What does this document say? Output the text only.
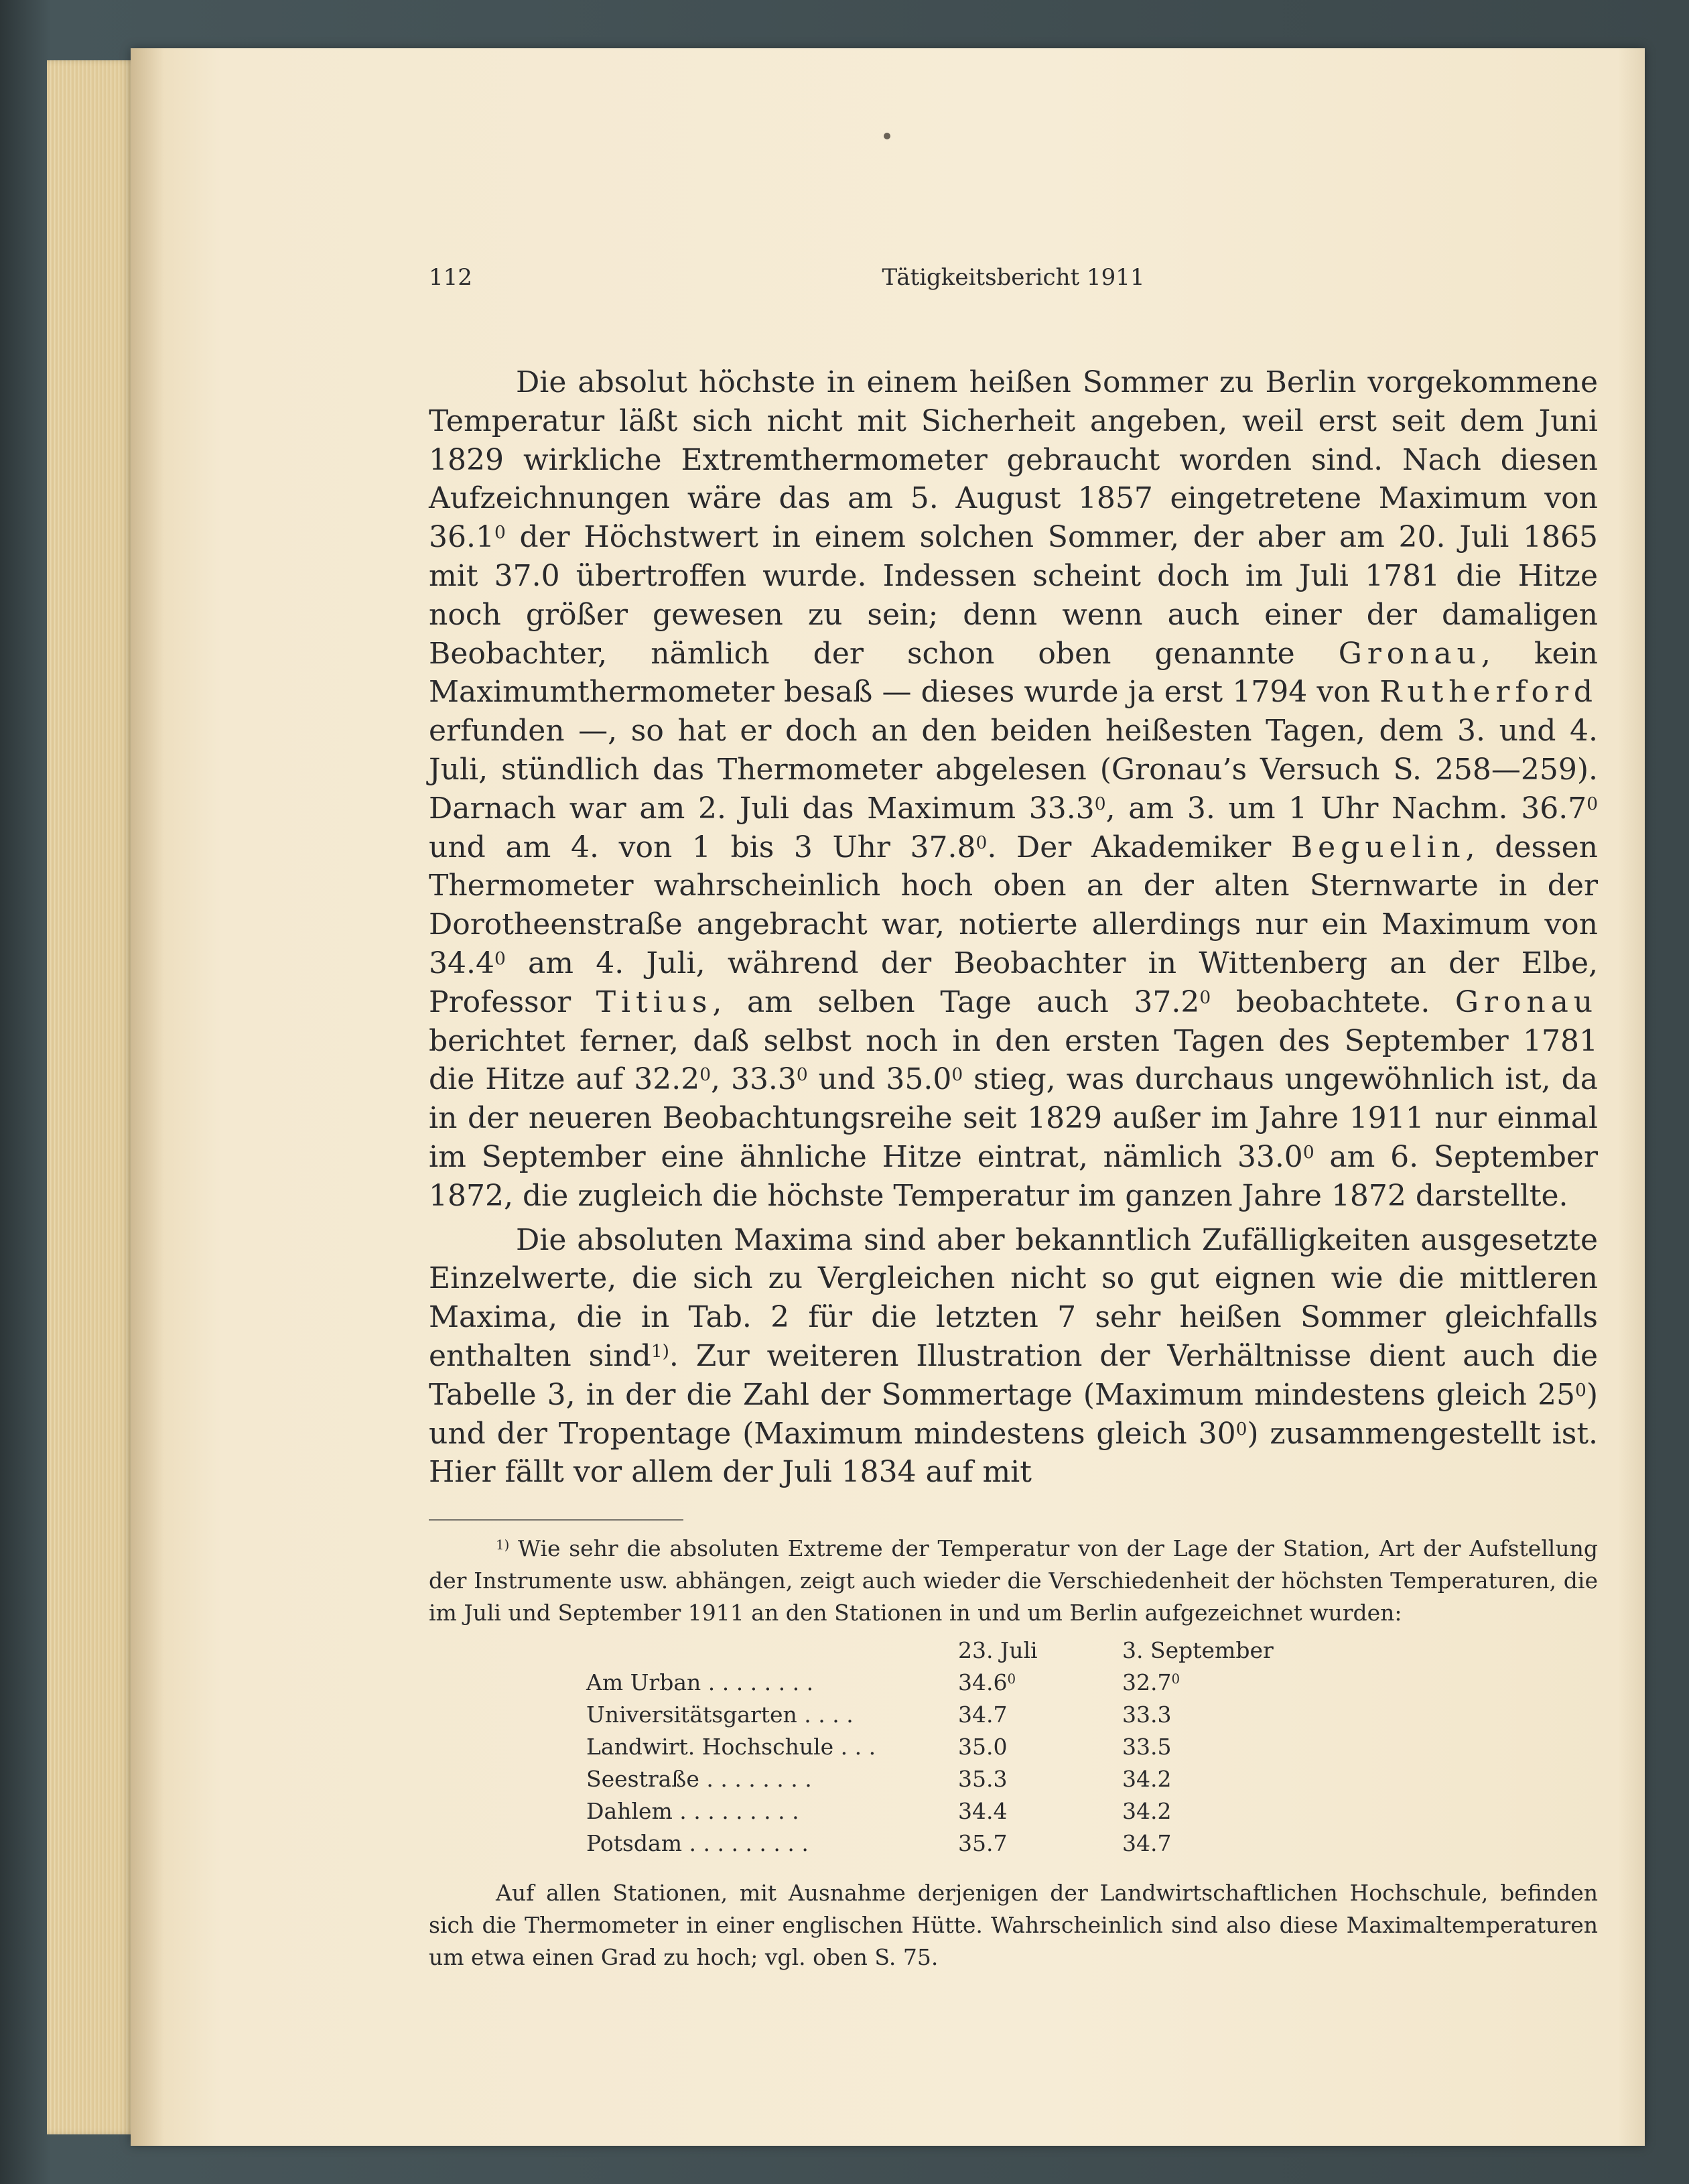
112	Tätigkeitsbericht 1911

Die absolut höchste in einem heißen Sommer zu Berlin vorgekommene Temperatur läßt sich nicht mit Sicherheit angeben, weil erst seit dem Juni 1829 wirkliche Extremthermometer gebraucht worden sind. Nach diesen Aufzeichnungen wäre das am 5. August 1857 eingetretene Maximum von 36.1$^0$ der Höchstwert in einem solchen Sommer, der aber am 20. Juli 1865 mit 37.0 übertroffen wurde. Indessen scheint doch im Juli 1781 die Hitze noch größer gewesen zu sein; denn wenn auch einer der damaligen Beobachter, nämlich der schon oben genannte Gronau, kein Maximumthermometer besaß — dieses wurde ja erst 1794 von Rutherford erfunden —, so hat er doch an den beiden heißesten Tagen, dem 3. und 4. Juli, stündlich das Thermometer abgelesen (Gronau’s Versuch S. 258—259). Darnach war am 2. Juli das Maximum 33.3$^0$, am 3. um 1 Uhr Nachm. 36.7$^0$ und am 4. von 1 bis 3 Uhr 37.8$^0$. Der Akademiker Beguelin, dessen Thermometer wahrscheinlich hoch oben an der alten Sternwarte in der Dorotheenstraße angebracht war, notierte allerdings nur ein Maximum von 34.4$^0$ am 4. Juli, während der Beobachter in Wittenberg an der Elbe, Professor Titius, am selben Tage auch 37.2$^0$ beobachtete. Gronau berichtet ferner, daß selbst noch in den ersten Tagen des September 1781 die Hitze auf 32.2$^0$, 33.3$^0$ und 35.0$^0$ stieg, was durchaus ungewöhnlich ist, da in der neueren Beobachtungsreihe seit 1829 außer im Jahre 1911 nur einmal im September eine ähnliche Hitze eintrat, nämlich 33.0$^0$ am 6. September 1872, die zugleich die höchste Temperatur im ganzen Jahre 1872 darstellte.

Die absoluten Maxima sind aber bekanntlich Zufälligkeiten ausgesetzte Einzelwerte, die sich zu Vergleichen nicht so gut eignen wie die mittleren Maxima, die in Tab. 2 für die letzten 7 sehr heißen Sommer gleichfalls enthalten sind$^{1)}$. Zur weiteren Illustration der Verhältnisse dient auch die Tabelle 3, in der die Zahl der Sommertage (Maximum mindestens gleich $25^0$) und der Tropentage (Maximum mindestens gleich $30^0$) zusammengestellt ist. Hier fällt vor allem der Juli 1834 auf mit

$^{1)}$ Wie sehr die absoluten Extreme der Temperatur von der Lage der Station, Art der Aufstellung der Instrumente usw. abhängen, zeigt auch wieder die Verschiedenheit der höchsten Temperaturen, die im Juli und September 1911 an den Stationen in und um Berlin aufgezeichnet wurden:

	23. Juli	3. September
Am Urban . . . . . . . .	34.6$^0$	32.7$^0$
Universitätsgarten . . . .	34.7	33.3
Landwirt. Hochschule . . .	35.0	33.5
Seestraße . . . . . . . .	35.3	34.2
Dahlem . . . . . . . . .	34.4	34.2
Potsdam . . . . . . . . .	35.7	34.7

Auf allen Stationen, mit Ausnahme derjenigen der Landwirtschaftlichen Hochschule, befinden sich die Thermometer in einer englischen Hütte. Wahrscheinlich sind also diese Maximaltemperaturen um etwa einen Grad zu hoch; vgl. oben S. 75.
